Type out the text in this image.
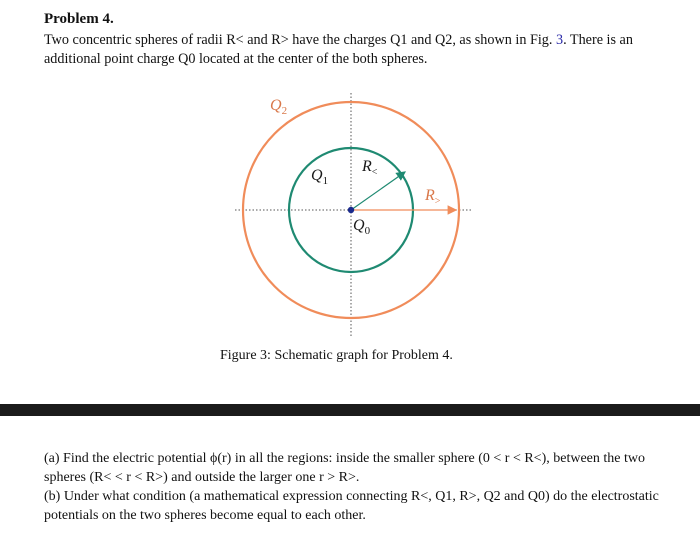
Problem 4.
Two concentric spheres of radii R< and R> have the charges Q1 and Q2, as shown in Fig. 3. There is an additional point charge Q0 located at the center of the both spheres.
$Q_2$
$Q_1$
$R_<$
$R_>$
$Q_0$
Figure 3: Schematic graph for Problem 4.
(a) Find the electric potential ϕ(r) in all the regions: inside the smaller sphere (0 < r < R<), between the two spheres (R< < r < R>) and outside the larger one r > R>.
(b) Under what condition (a mathematical expression connecting R<, Q1, R>, Q2 and Q0) do the electrostatic potentials on the two spheres become equal to each other.
